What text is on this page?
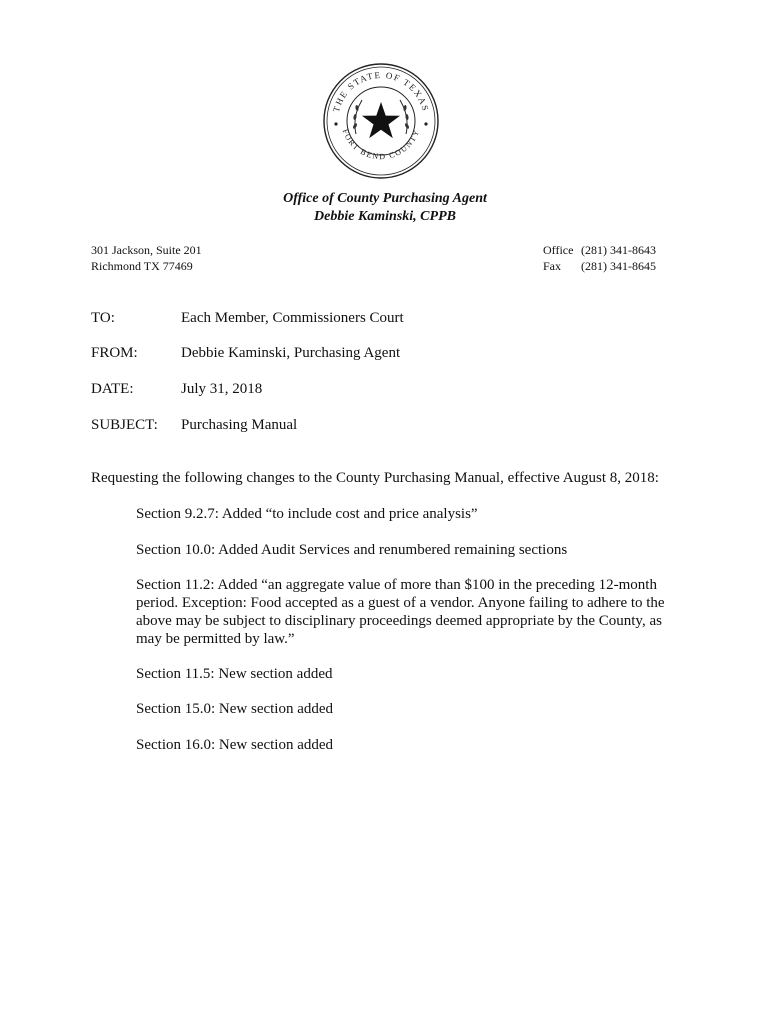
THE STATE OF TEXAS
FORT BEND COUNTY
Office of County Purchasing Agent
Debbie Kaminski, CPPB
301 Jackson, Suite 201
Richmond TX 77469
Office (281) 341-8643
Fax (281) 341-8645
TO:	Each Member, Commissioners Court
FROM:	Debbie Kaminski, Purchasing Agent
DATE:	July 31, 2018
SUBJECT: Purchasing Manual
Requesting the following changes to the County Purchasing Manual, effective August 8, 2018:
Section 9.2.7: Added “to include cost and price analysis”
Section 10.0: Added Audit Services and renumbered remaining sections
Section 11.2: Added “an aggregate value of more than $100 in the preceding 12-month period. Exception: Food accepted as a guest of a vendor. Anyone failing to adhere to the above may be subject to disciplinary proceedings deemed appropriate by the County, as may be permitted by law.”
Section 11.5: New section added
Section 15.0: New section added
Section 16.0: New section added
